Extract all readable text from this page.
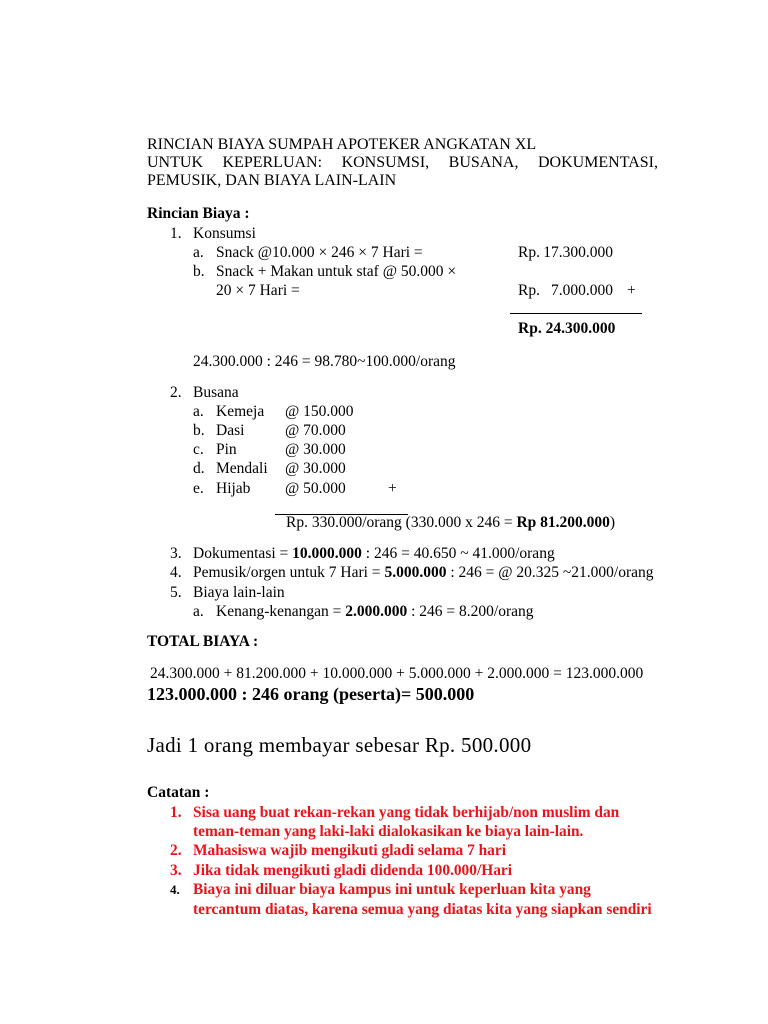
RINCIAN BIAYA SUMPAH APOTEKER ANGKATAN XL
UNTUK KEPERLUAN: KONSUMSI, BUSANA, DOKUMENTASI,
PEMUSIK, DAN BIAYA LAIN-LAIN
Rincian Biaya :
1. Konsumsi
a. Snack @10.000 × 246 × 7 Hari =	Rp. 17.300.000
b. Snack + Makan untuk staf @ 50.000 ×
20 × 7 Hari =	Rp. 7.000.000 +
Rp. 24.300.000
24.300.000 : 246 = 98.780~100.000/orang
2. Busana
a. Kemeja @ 150.000
b. Dasi	@ 70.000
c. Pin	@ 30.000
d. Mendali @ 30.000
e. Hijab @ 50.000	+
Rp. 330.000/orang (330.000 x 246 = Rp 81.200.000)
3. Dokumentasi = 10.000.000 : 246 = 40.650 ~ 41.000/orang
4. Pemusik/orgen untuk 7 Hari = 5.000.000 : 246 = @ 20.325 ~21.000/orang
5. Biaya lain-lain
a. Kenang-kenangan = 2.000.000 : 246 = 8.200/orang
TOTAL BIAYA :
24.300.000 + 81.200.000 + 10.000.000 + 5.000.000 + 2.000.000 = 123.000.000
123.000.000 : 246 orang (peserta)= 500.000
Jadi 1 orang membayar sebesar Rp. 500.000
Catatan :
1. Sisa uang buat rekan-rekan yang tidak berhijab/non muslim dan
teman-teman yang laki-laki dialokasikan ke biaya lain-lain.
2. Mahasiswa wajib mengikuti gladi selama 7 hari
3. Jika tidak mengikuti gladi didenda 100.000/Hari
4. Biaya ini diluar biaya kampus ini untuk keperluan kita yang
tercantum diatas, karena semua yang diatas kita yang siapkan sendiri
